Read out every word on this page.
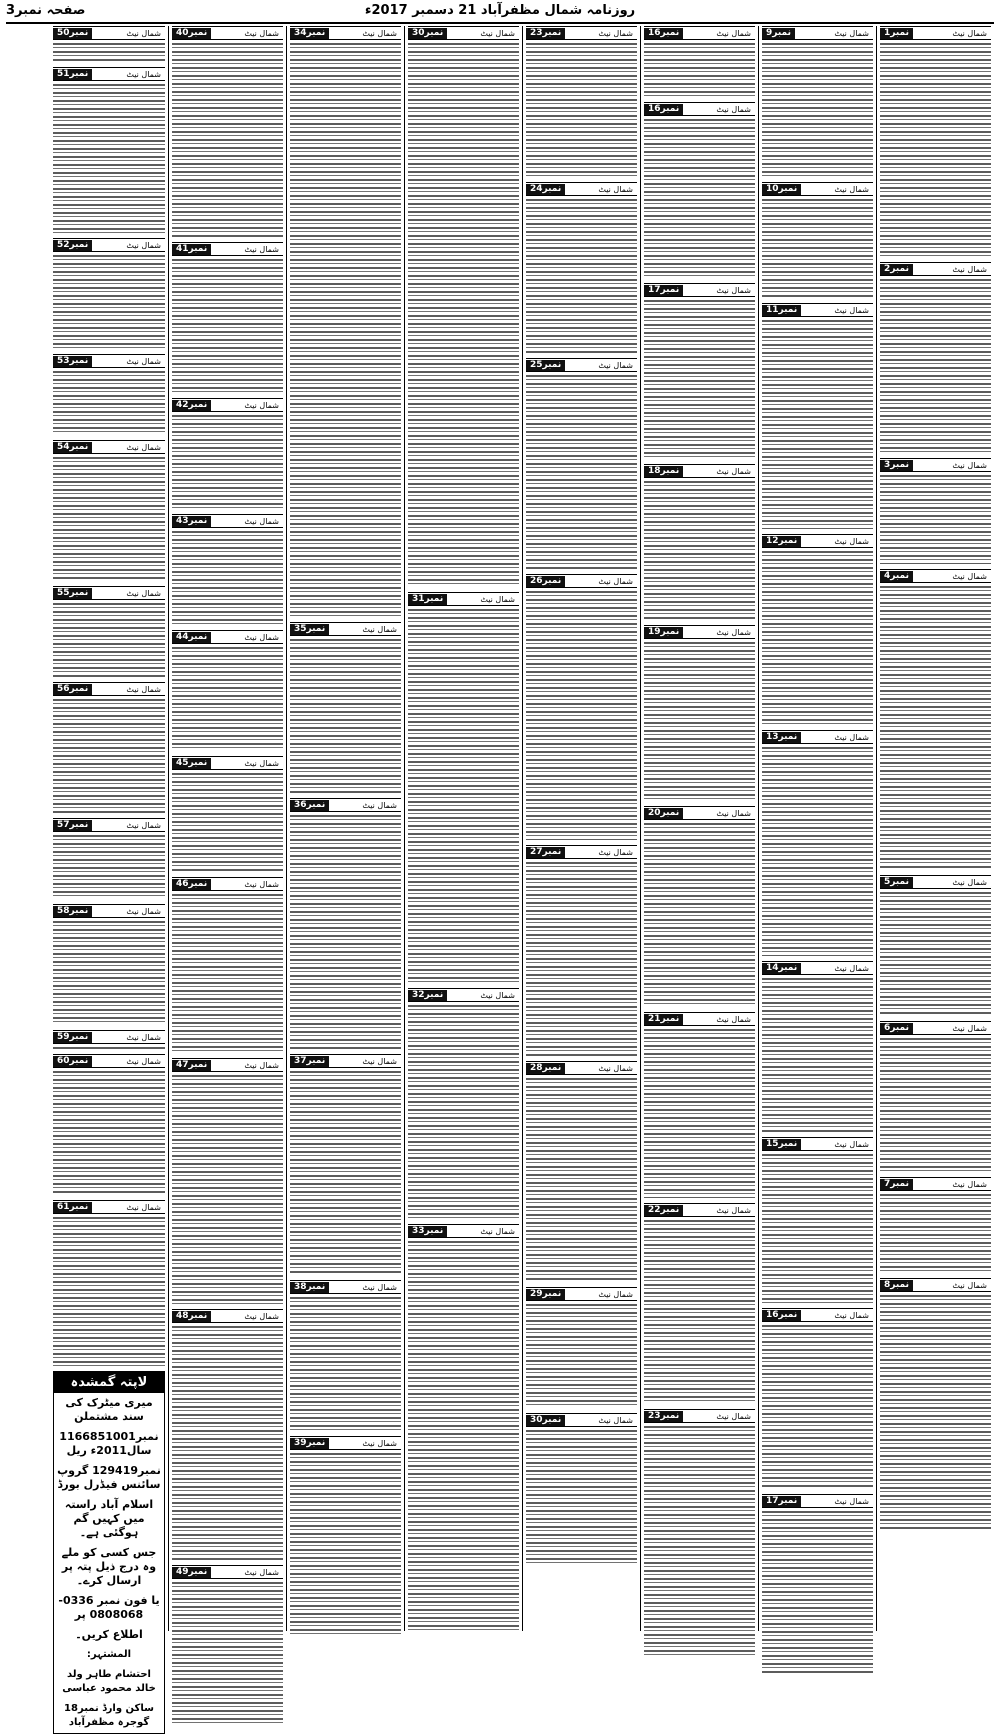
روزنامہ شمال مظفرآباد 21 دسمبر 2017ء
صفحہ نمبر3
شمال نیٹ
نمبر1
شمال نیٹ
نمبر2
شمال نیٹ
نمبر3
شمال نیٹ
نمبر4
شمال نیٹ
نمبر5
شمال نیٹ
نمبر6
شمال نیٹ
نمبر7
شمال نیٹ
نمبر8
شمال نیٹ
نمبر9
شمال نیٹ
نمبر10
شمال نیٹ
نمبر11
شمال نیٹ
نمبر12
شمال نیٹ
نمبر13
شمال نیٹ
نمبر14
شمال نیٹ
نمبر15
شمال نیٹ
نمبر16
شمال نیٹ
نمبر17
شمال نیٹ
نمبر16
شمال نیٹ
نمبر16
شمال نیٹ
نمبر17
شمال نیٹ
نمبر18
شمال نیٹ
نمبر19
شمال نیٹ
نمبر20
شمال نیٹ
نمبر21
شمال نیٹ
نمبر22
شمال نیٹ
نمبر23
شمال نیٹ
نمبر23
شمال نیٹ
نمبر24
شمال نیٹ
نمبر25
شمال نیٹ
نمبر26
شمال نیٹ
نمبر27
شمال نیٹ
نمبر28
شمال نیٹ
نمبر29
شمال نیٹ
نمبر30
شمال نیٹ
نمبر30
شمال نیٹ
نمبر31
شمال نیٹ
نمبر32
شمال نیٹ
نمبر33
شمال نیٹ
نمبر34
شمال نیٹ
نمبر35
شمال نیٹ
نمبر36
شمال نیٹ
نمبر37
شمال نیٹ
نمبر38
شمال نیٹ
نمبر39
شمال نیٹ
نمبر40
شمال نیٹ
نمبر41
شمال نیٹ
نمبر42
شمال نیٹ
نمبر43
شمال نیٹ
نمبر44
شمال نیٹ
نمبر45
شمال نیٹ
نمبر46
شمال نیٹ
نمبر47
شمال نیٹ
نمبر48
شمال نیٹ
نمبر49
شمال نیٹ
نمبر50
شمال نیٹ
نمبر51
شمال نیٹ
نمبر52
شمال نیٹ
نمبر53
شمال نیٹ
نمبر54
شمال نیٹ
نمبر55
شمال نیٹ
نمبر56
شمال نیٹ
نمبر57
شمال نیٹ
نمبر58
شمال نیٹ
نمبر59
شمال نیٹ
نمبر60
شمال نیٹ
نمبر61
لاپتہ گمشدہ
میری میٹرک کی سند مشتملن
نمبر1166851001 سال2011ء ریل
نمبر129419 گروپ سائنس فیڈرل بورڈ
اسلام آباد راستہ میں کہیں گم ہوگئی ہے۔
جس کسی کو ملے وہ درج ذیل پتہ پر ارسال کرے۔
یا فون نمبر 0336-0808068 پر
اطلاع کریں۔
المشتہر:
احتشام طاہر ولد خالد محمود عباسی
ساکن وارڈ نمبر18 گوجرہ مظفرآباد
